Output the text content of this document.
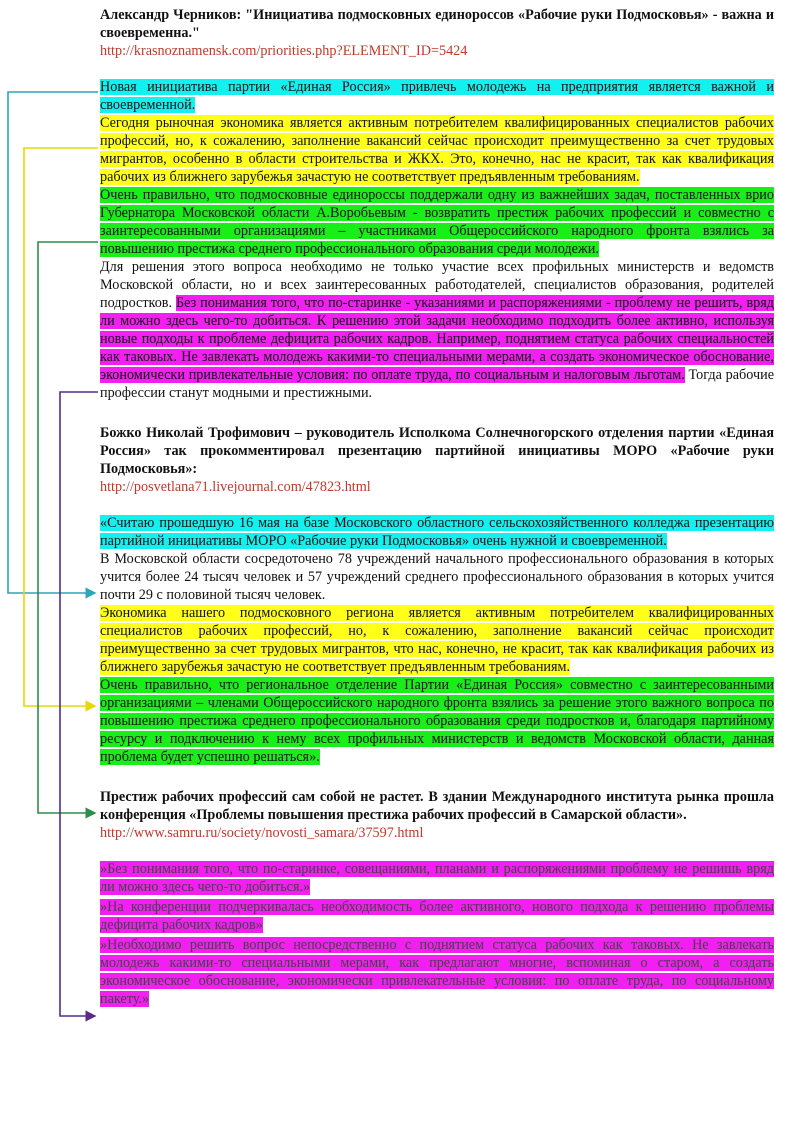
Александр Черников: "Инициатива подмосковных единороссов «Рабочие руки Подмосковья» - важна и своевременна."

http://krasnoznamensk.com/priorities.php?ELEMENT_ID=5424

Новая инициатива партии «Единая Россия» привлечь молодежь на предприятия является важной и своевременной.

Сегодня рыночная экономика является активным потребителем квалифицированных специалистов рабочих профессий, но, к сожалению, заполнение вакансий сейчас происходит преимущественно за счет трудовых мигрантов, особенно в области строительства и ЖКХ. Это, конечно, нас не красит, так как квалификация рабочих из ближнего зарубежья зачастую не соответствует предъявленным требованиям.

Очень правильно, что подмосковные единороссы поддержали одну из важнейших задач, поставленных врио Губернатора Московской области А.Воробьевым - возвратить престиж рабочих профессий и совместно с заинтересованными организациями – участниками Общероссийского народного фронта взялись за повышению престижа среднего профессионального образования среди молодежи.

Для решения этого вопроса необходимо не только участие всех профильных министерств и ведомств Московской области, но и всех заинтересованных работодателей, специалистов образования, родителей подростков. Без понимания того, что по-старинке - указаниями и распоряжениями - проблему не решить, вряд ли можно здесь чего-то добиться. К решению этой задачи необходимо подходить более активно, используя новые подходы к проблеме дефицита рабочих кадров. Например, поднятием статуса рабочих специальностей как таковых. Не завлекать молодежь какими-то специальными мерами, а создать экономическое обоснование, экономически привлекательные условия: по оплате труда, по социальным и налоговым льготам. Тогда рабочие профессии станут модными и престижными.

Божко Николай Трофимович – руководитель Исполкома Солнечногорского отделения партии «Единая Россия» так прокомментировал презентацию партийной инициативы МОРО «Рабочие руки Подмосковья»:

http://posvetlana71.livejournal.com/47823.html

«Считаю прошедшую 16 мая на базе Московского областного сельскохозяйственного колледжа презентацию партийной инициативы МОРО «Рабочие руки Подмосковья» очень нужной и своевременной.

В Московской области сосредоточено 78 учреждений начального профессионального образования в которых учится более 24 тысяч человек и 57 учреждений среднего профессионального образования в которых учится почти 29 с половиной тысяч человек.

Экономика нашего подмосковного региона является активным потребителем квалифицированных специалистов рабочих профессий, но, к сожалению, заполнение вакансий сейчас происходит преимущественно за счет трудовых мигрантов, что нас, конечно, не красит, так как квалификация рабочих из ближнего зарубежья зачастую не соответствует предъявленным требованиям.

Очень правильно, что региональное отделение Партии «Единая Россия» совместно с заинтересованными организациями – членами Общероссийского народного фронта взялись за решение этого важного вопроса по повышению престижа среднего профессионального образования среди подростков и, благодаря партийному ресурсу и подключению к нему всех профильных министерств и ведомств Московской области, данная проблема будет успешно решаться».

Престиж рабочих профессий сам собой не растет. В здании Международного института рынка прошла конференция «Проблемы повышения престижа рабочих профессий в Самарской области».

http://www.samru.ru/society/novosti_samara/37597.html

»Без понимания того, что по-старинке, совещаниями, планами и распоряжениями проблему не решишь вряд ли можно здесь чего-то добиться.»

»На конференции подчеркивалась необходимость более активного, нового подхода к решению проблемы дефицита рабочих кадров»

»Необходимо решить вопрос непосредственно с поднятием статуса рабочих как таковых. Не завлекать молодежь какими-то специальными мерами, как предлагают многие, вспоминая о старом, а создать экономическое обоснование, экономически привлекательные условия: по оплате труда, по социальному пакету.»
